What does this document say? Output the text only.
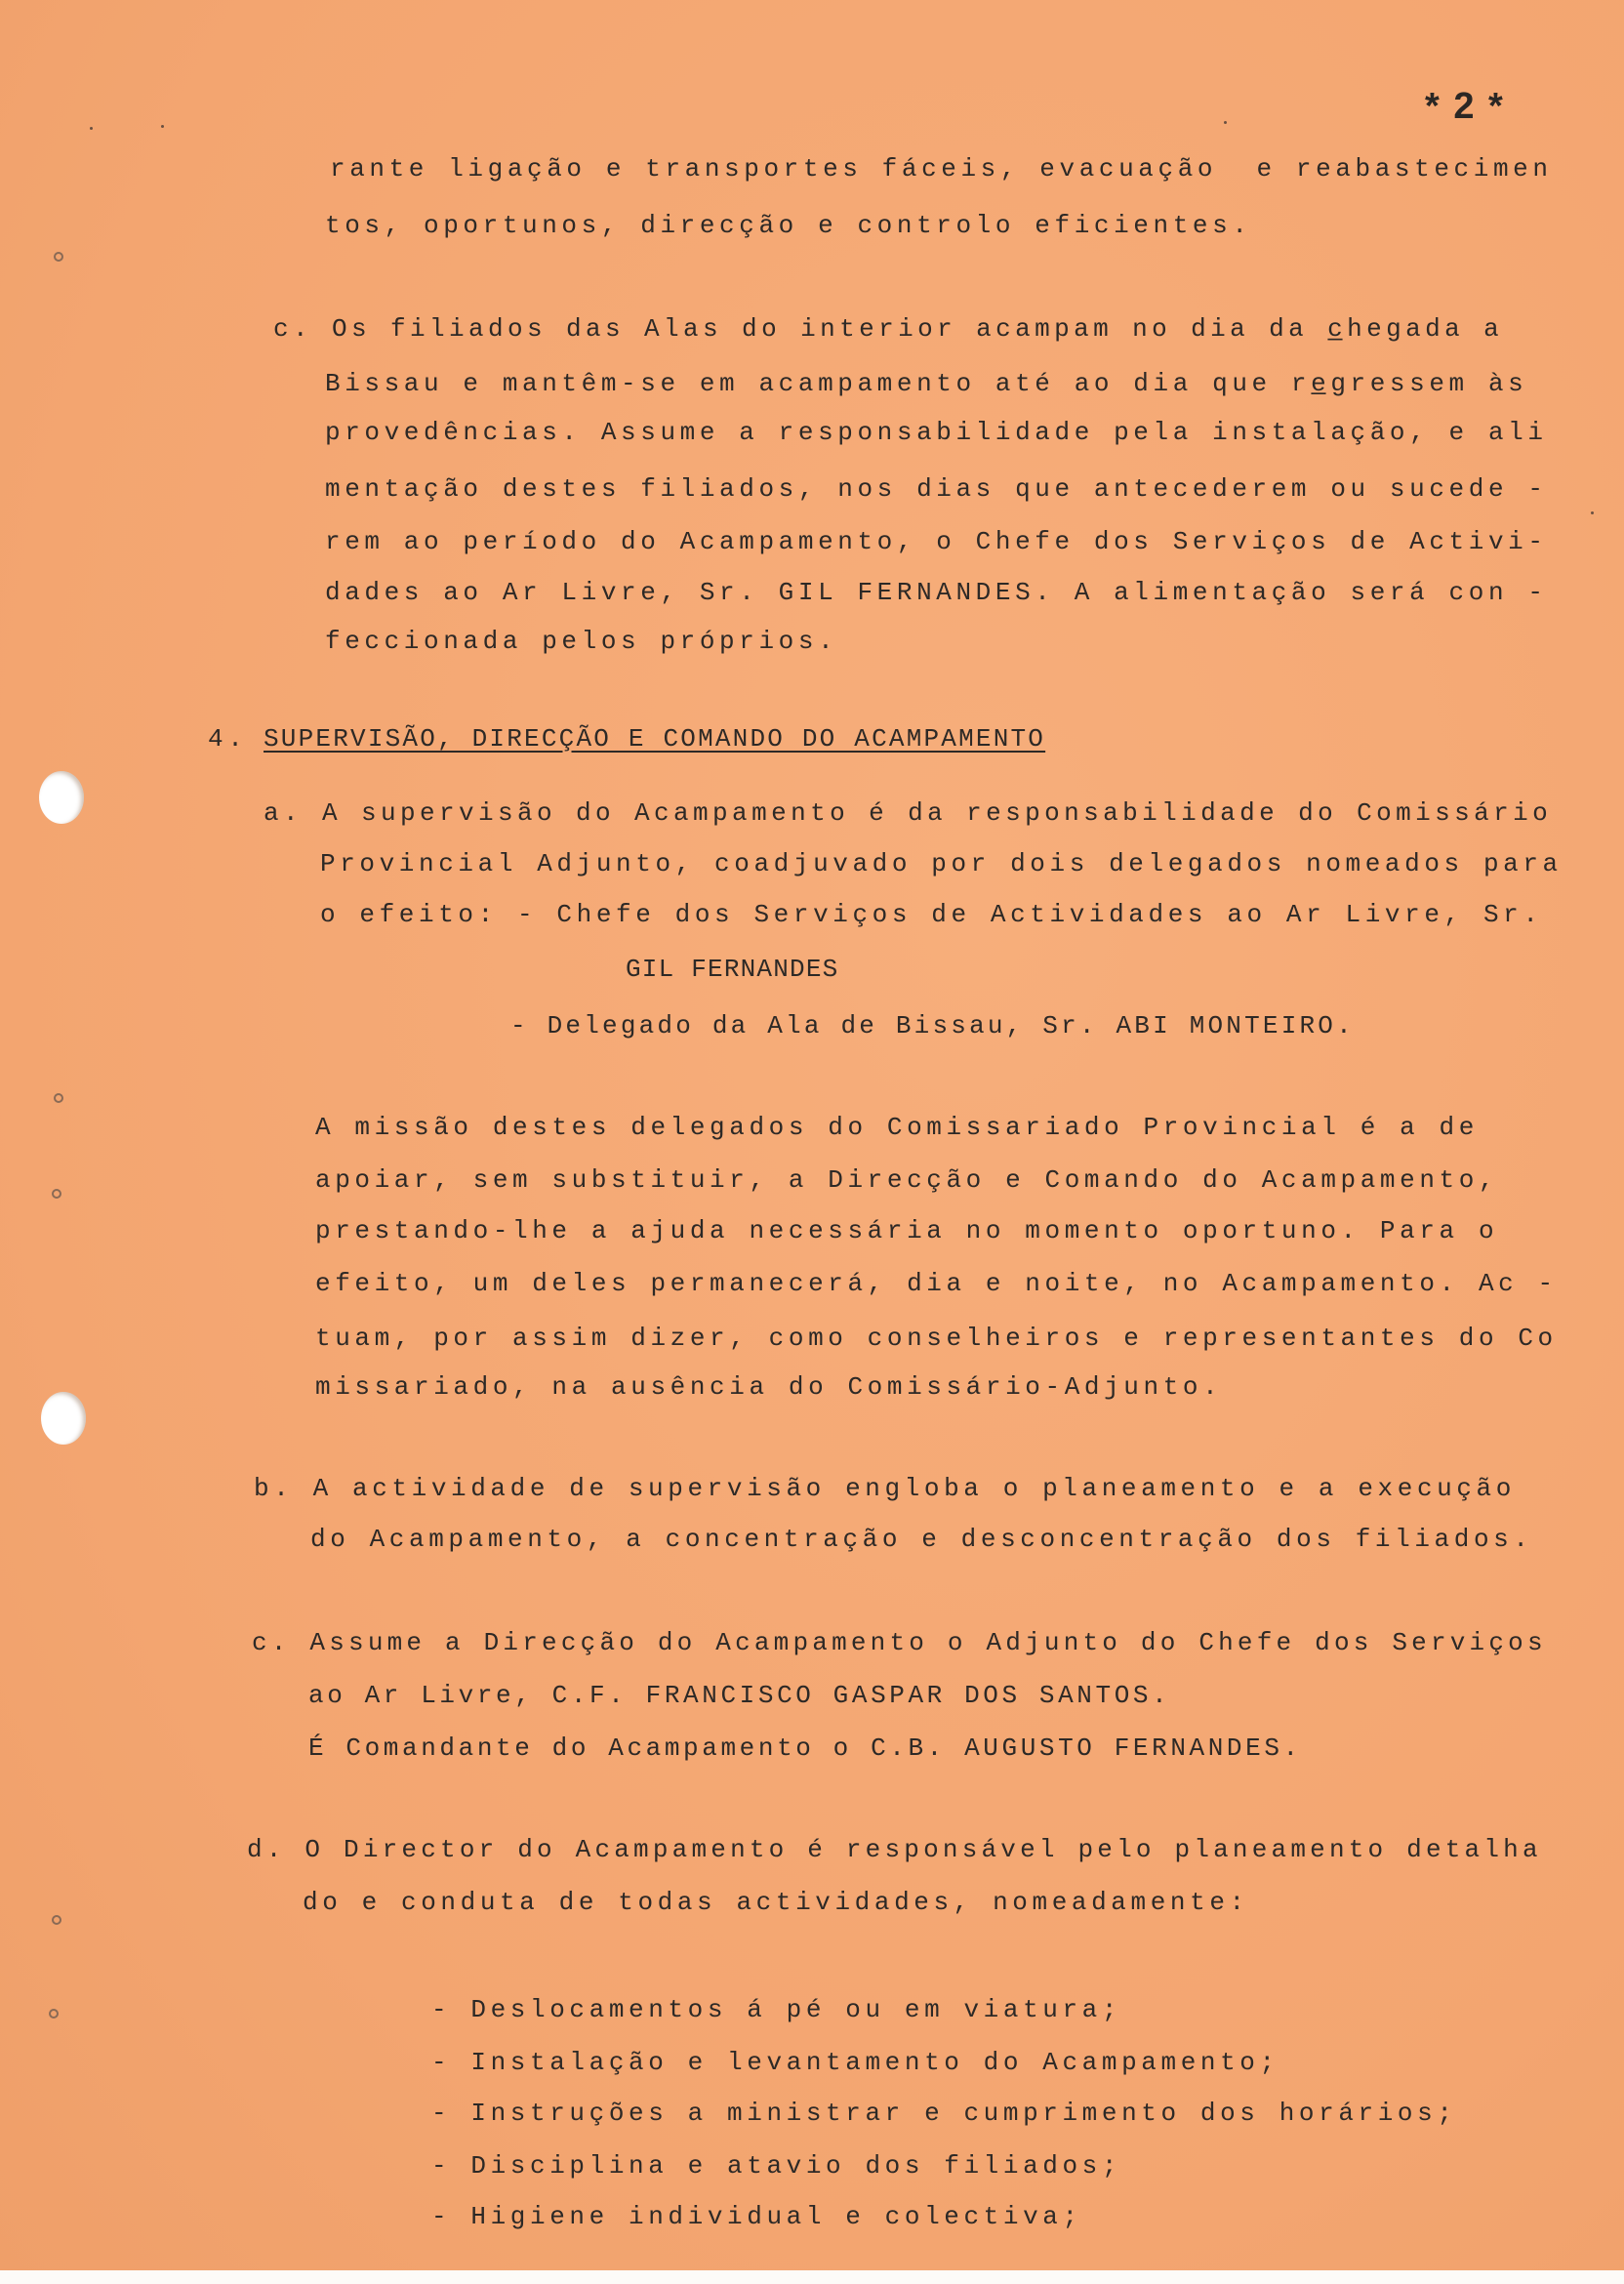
* 2 *
rante ligação e transportes fáceis, evacuação  e reabastecimen
tos, oportunos, direcção e controlo eficientes.
c. Os filiados das Alas do interior acampam no dia da c̲hegada a
Bissau e mantêm-se em acampamento até ao dia que re̲gressem às
provedências. Assume a responsabilidade pela instalação, e ali
mentação destes filiados, nos dias que antecederem ou sucede -
rem ao período do Acampamento, o Chefe dos Serviços de Activi-
dades ao Ar Livre, Sr. GIL FERNANDES. A alimentação será con -
feccionada pelos próprios.
4. SUPERVISÃO, DIRECÇÃO E COMANDO DO ACAMPAMENTO
a. A supervisão do Acampamento é da responsabilidade do Comissário
Provincial Adjunto, coadjuvado por dois delegados nomeados para
o efeito: - Chefe dos Serviços de Actividades ao Ar Livre, Sr.
GIL FERNANDES
- Delegado da Ala de Bissau, Sr. ABI MONTEIRO.
A missão destes delegados do Comissariado Provincial é a de
apoiar, sem substituir, a Direcção e Comando do Acampamento,
prestando-lhe a ajuda necessária no momento oportuno. Para o
efeito, um deles permanecerá, dia e noite, no Acampamento. Ac -
tuam, por assim dizer, como conselheiros e representantes do Co
missariado, na ausência do Comissário-Adjunto.
b. A actividade de supervisão engloba o planeamento e a execução
do Acampamento, a concentração e desconcentração dos filiados.
c. Assume a Direcção do Acampamento o Adjunto do Chefe dos Serviços
ao Ar Livre, C.F. FRANCISCO GASPAR DOS SANTOS.
É Comandante do Acampamento o C.B. AUGUSTO FERNANDES.
d. O Director do Acampamento é responsável pelo planeamento detalha
do e conduta de todas actividades, nomeadamente:
- Deslocamentos á pé ou em viatura;
- Instalação e levantamento do Acampamento;
- Instruções a ministrar e cumprimento dos horários;
- Disciplina e atavio dos filiados;
- Higiene individual e colectiva;
